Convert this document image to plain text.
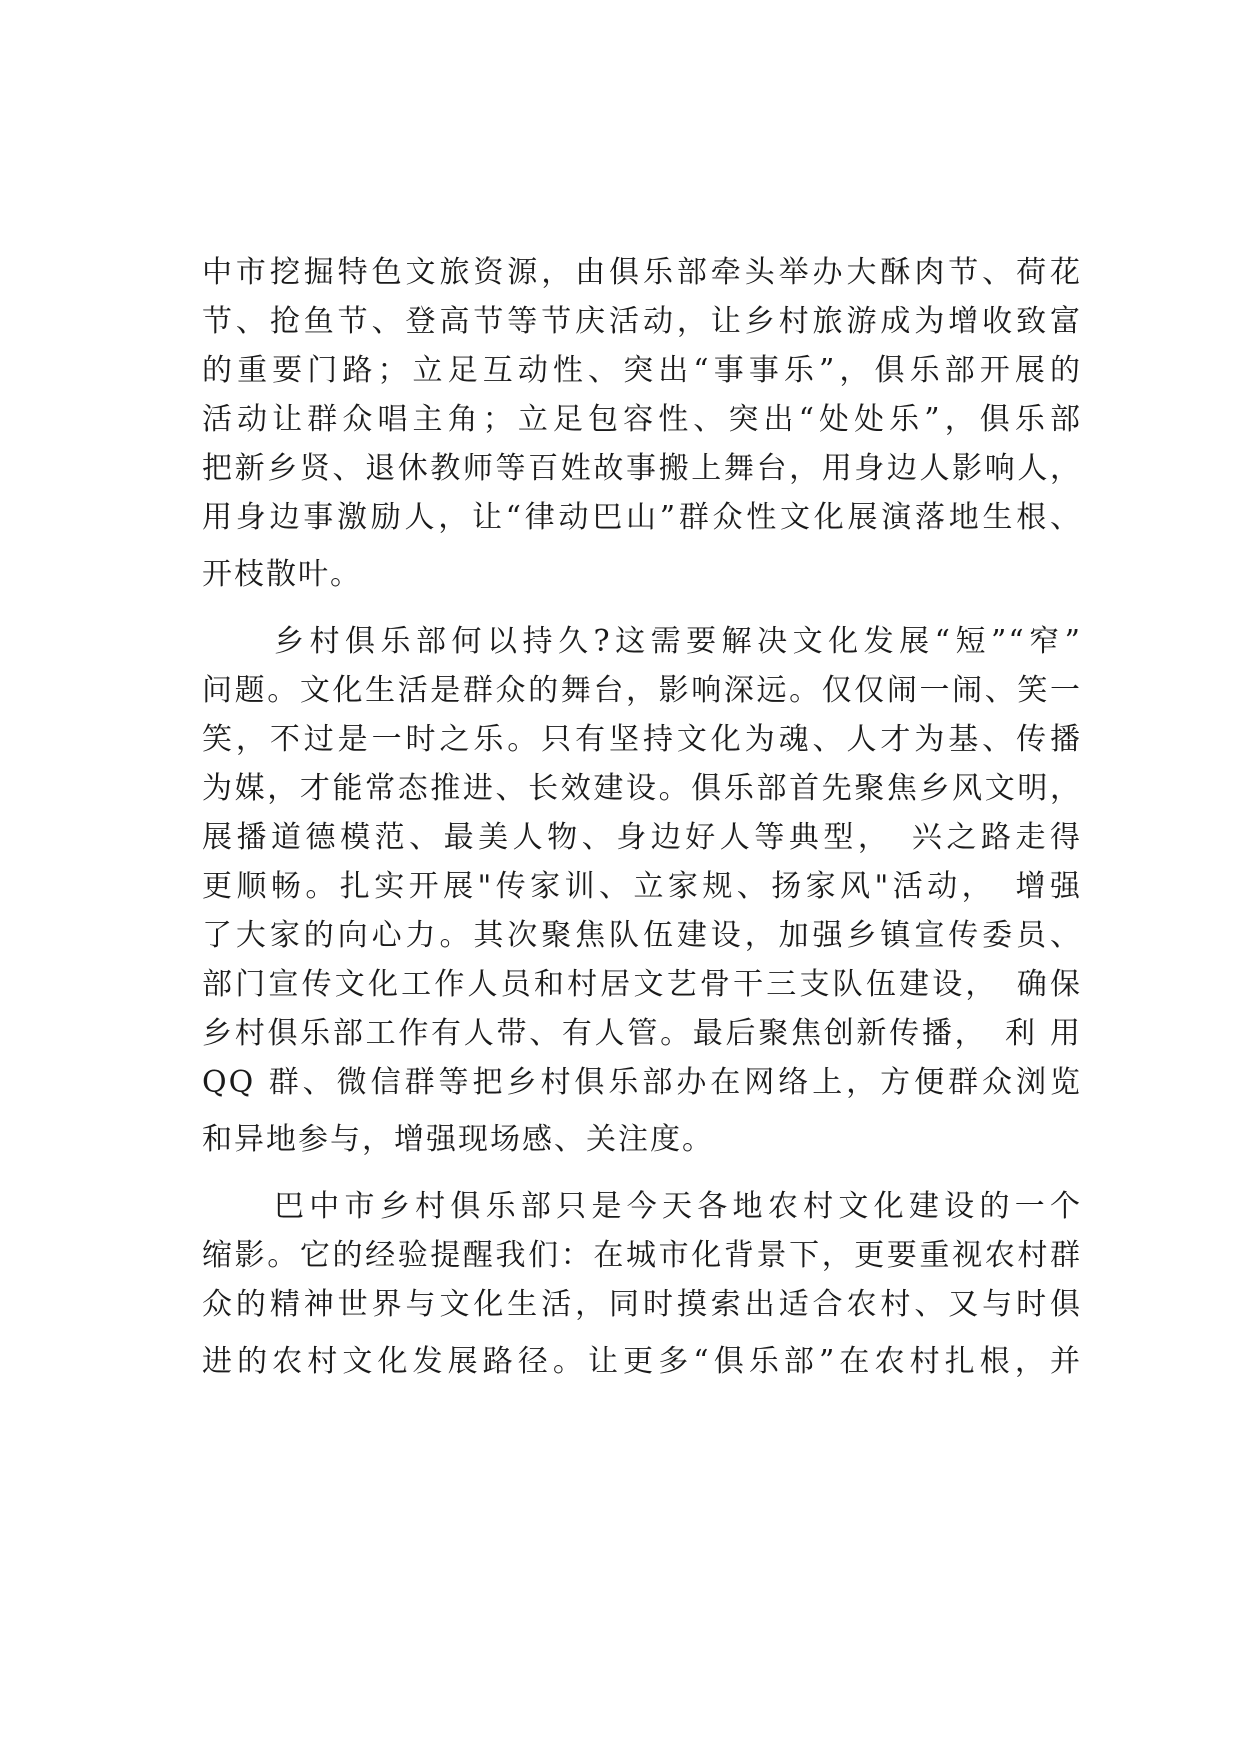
中市挖掘特色文旅资源，由俱乐部牵头举办大酥肉节、荷花
节、抢鱼节、登高节等节庆活动，让乡村旅游成为增收致富
的重要门路；立足互动性、突出“事事乐”，俱乐部开展的
活动让群众唱主角；立足包容性、突出“处处乐”，俱乐部
把新乡贤、退休教师等百姓故事搬上舞台，用身边人影响人，
用身边事激励人，让“律动巴山”群众性文化展演落地生根、
开枝散叶。
乡村俱乐部何以持久?这需要解决文化发展“短”“窄”
问题。文化生活是群众的舞台，影响深远。仅仅闹一闹、笑一
笑，不过是一时之乐。只有坚持文化为魂、人才为基、传播
为媒，才能常态推进、长效建设。俱乐部首先聚焦乡风文明，
展播道德模范、最美人物、身边好人等典型，　兴之路走得
更顺畅。扎实开展"传家训、立家规、扬家风"活动，　增强
了大家的向心力。其次聚焦队伍建设，加强乡镇宣传委员、
部门宣传文化工作人员和村居文艺骨干三支队伍建设，　确保
乡村俱乐部工作有人带、有人管。最后聚焦创新传播，　利 用
QQ 群、微信群等把乡村俱乐部办在网络上，方便群众浏览
和异地参与，增强现场感、关注度。
巴中市乡村俱乐部只是今天各地农村文化建设的一个
缩影。它的经验提醒我们：在城市化背景下，更要重视农村群
众的精神世界与文化生活，同时摸索出适合农村、又与时俱
进的农村文化发展路径。让更多“俱乐部”在农村扎根，并
